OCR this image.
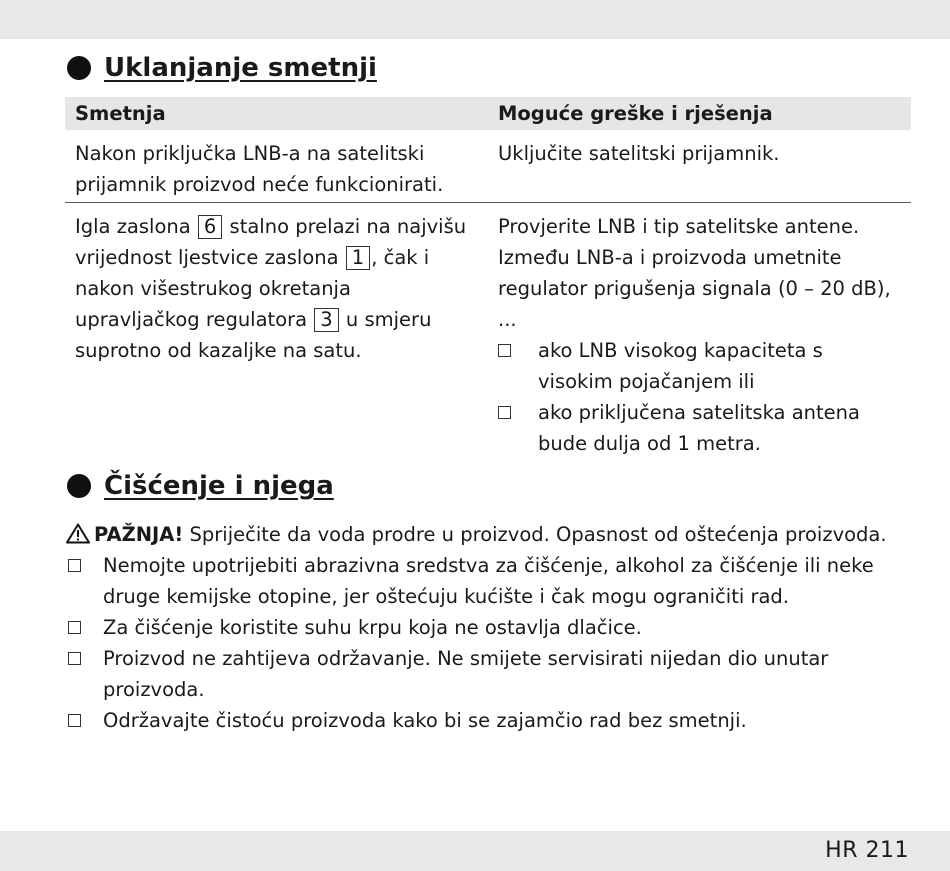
Uklanjanje smetnji
Smetnja	Moguće greške i rješenja
Nakon priključka LNB-a na satelitski prijamnik proizvod neće funkcionirati.
Uključite satelitski prijamnik.
Igla zaslona 6 stalno prelazi na najvišu vrijednost ljestvice zaslona 1 , čak i nakon višestrukog okretanja upravljačkog regulatora 3 u smjeru suprotno od kazaljke na satu.
Provjerite LNB i tip satelitske antene. Između LNB-a i proizvoda umetnite regulator prigušenja signala (0 – 20 dB), ...
ako LNB visokog kapaciteta s visokim pojačanjem ili
ako priključena satelitska antena bude dulja od 1 metra.
Čišćenje i njega
PAŽNJA! Spriječite da voda prodre u proizvod. Opasnost od oštećenja proizvoda.
Nemojte upotrijebiti abrazivna sredstva za čišćenje, alkohol za čišćenje ili neke druge kemijske otopine, jer oštećuju kućište i čak mogu ograničiti rad.
Za čišćenje koristite suhu krpu koja ne ostavlja dlačice.
Proizvod ne zahtijeva održavanje. Ne smijete servisirati nijedan dio unutar proizvoda.
Održavajte čistoću proizvoda kako bi se zajamčio rad bez smetnji.
HR 211
